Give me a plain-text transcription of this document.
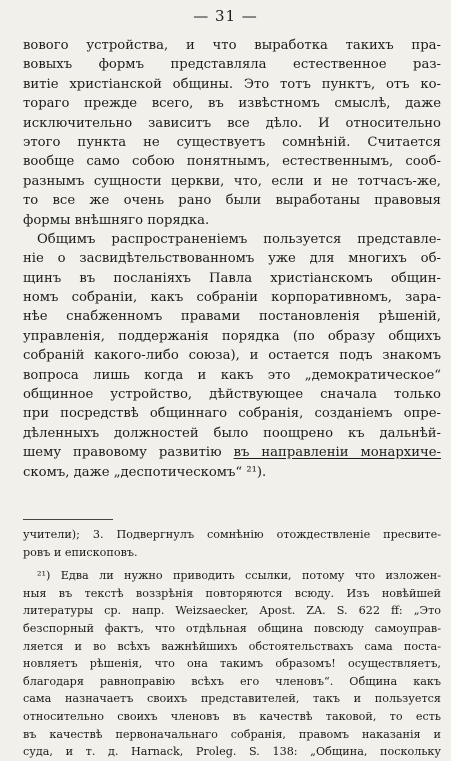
— 31 —
вового устройства, и что выработка такихъ пра-
вовыхъ формъ представляла естественное раз-
витіе христіанской общины. Это тотъ пунктъ, отъ ко-
тораго прежде всего, въ извѣстномъ смыслѣ, даже
исключительно зависитъ все дѣло. И относительно
этого пункта не существуетъ сомнѣній. Считается
вообще само собою понятнымъ, естественнымъ, сооб-
разнымъ сущности церкви, что, если и не тотчасъ-же,
то все же очень рано были выработаны правовыя
формы внѣшняго порядка.
Общимъ распространеніемъ пользуется представле-
ніе о засвидѣтельствованномъ уже для многихъ об-
щинъ въ посланіяхъ Павла христіанскомъ общин-
номъ собраніи, какъ собраніи корпоративномъ, зара-
нѣе снабженномъ правами постановленія рѣшеній,
управленія, поддержанія порядка (по образу общихъ
собраній какого-либо союза), и остается подъ знакомъ
вопроса лишь когда и какъ это „демократическое“
общинное устройство, дѣйствующее сначала только
при посредствѣ общиннаго собранія, созданіемъ опре-
дѣленныхъ должностей было поощрено къ дальнѣй-
шему правовому развитію въ направленіи монархиче-
скомъ, даже „деспотическомъ“ ²¹).
учители); 3. Подвергнулъ сомнѣнію отождествленіе пресвите-
ровъ и епископовъ.
²¹) Едва ли нужно приводить ссылки, потому что изложен-
ныя въ текстѣ воззрѣнія повторяются всюду. Изъ новѣйшей
литературы ср. напр. Weizsaecker, Apost. ZA. S. 622 ff: „Это
безспорный фактъ, что отдѣльная община повсюду самоуправ-
ляется и во всѣхъ важнѣйшихъ обстоятельствахъ сама поста-
новляетъ рѣшенія, что она такимъ образомъ! осуществляетъ,
благодаря равноправію всѣхъ его членовъ“. Община какъ
сама назначаетъ своихъ представителей, такъ и пользуется
относительно своихъ членовъ въ качествѣ таковой, то есть
въ качествѣ первоначальнаго собранія, правомъ наказанія и
суда, и т. д. Harnack, Proleg. S. 138: „Община, поскольку
